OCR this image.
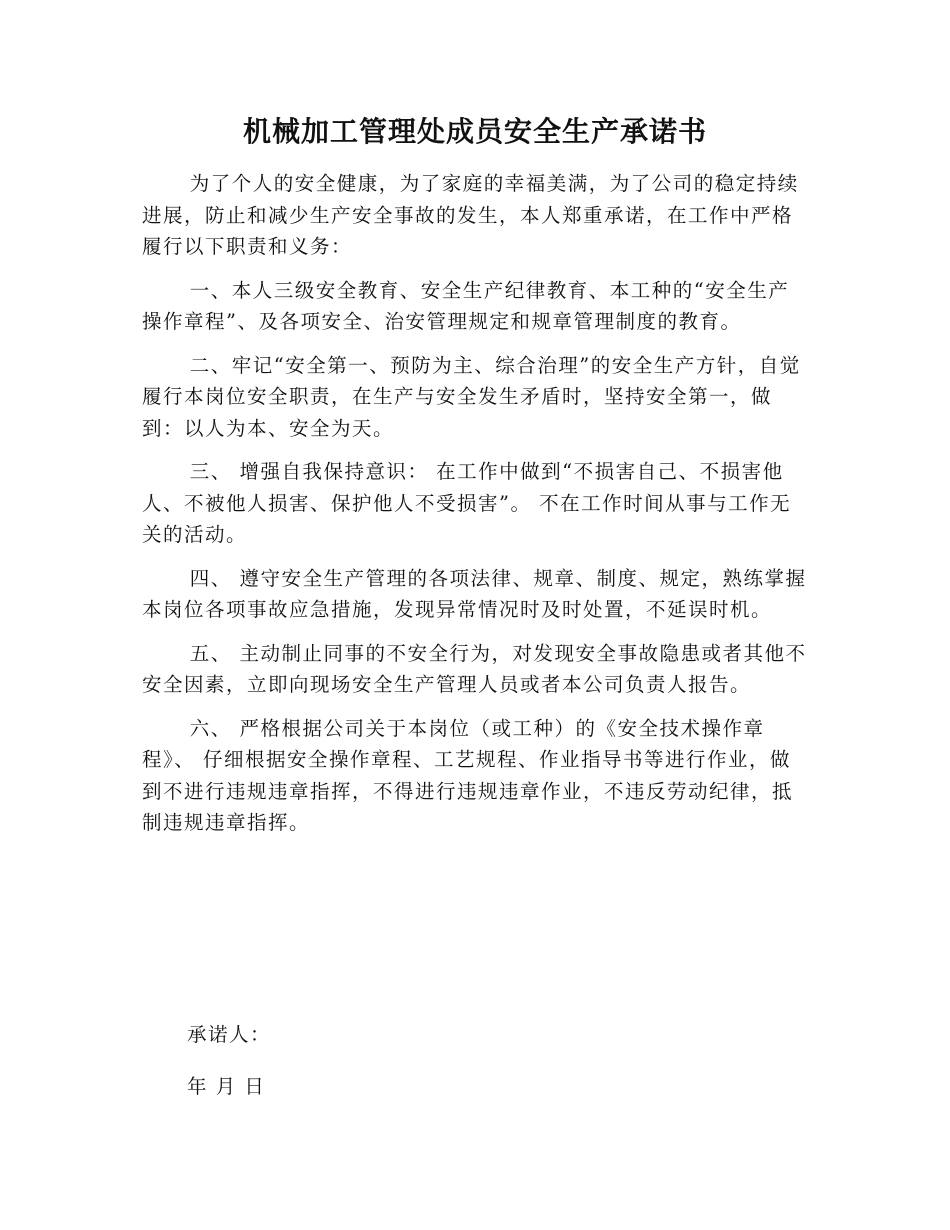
机械加工管理处成员安全生产承诺书

为了个人的安全健康，为了家庭的幸福美满，为了公司的稳定持续进展，防止和减少生产安全事故的发生，本人郑重承诺，在工作中严格履行以下职责和义务：

一、本人三级安全教育、安全生产纪律教育、本工种的“安全生产操作章程”、及各项安全、治安管理规定和规章管理制度的教育。

二、牢记“安全第一、预防为主、综合治理”的安全生产方针，自觉履行本岗位安全职责，在生产与安全发生矛盾时，坚持安全第一，做到：以人为本、安全为天。

三、 增强自我保持意识： 在工作中做到“不损害自己、不损害他人、不被他人损害、保护他人不受损害”。 不在工作时间从事与工作无关的活动。

四、 遵守安全生产管理的各项法律、规章、制度、规定，熟练掌握本岗位各项事故应急措施，发现异常情况时及时处置，不延误时机。

五、 主动制止同事的不安全行为，对发现安全事故隐患或者其他不安全因素，立即向现场安全生产管理人员或者本公司负责人报告。

六、 严格根据公司关于本岗位（或工种）的《安全技术操作章程》、 仔细根据安全操作章程、工艺规程、作业指导书等进行作业，做到不进行违规违章指挥，不得进行违规违章作业，不违反劳动纪律，抵制违规违章指挥。

承诺人：

年 月 日
